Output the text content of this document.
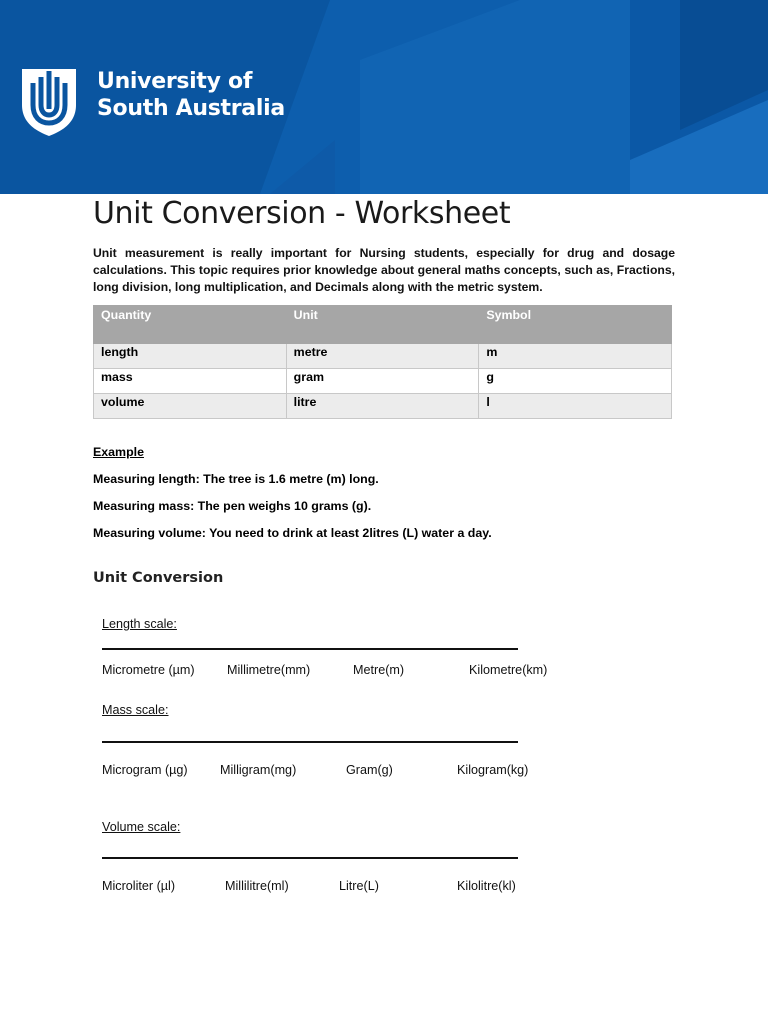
University of
South Australia
Unit Conversion - Worksheet
Unit measurement is really important for Nursing students, especially for drug and dosage
calculations. This topic requires prior knowledge about general maths concepts, such as, Fractions,
long division, long multiplication, and Decimals along with the metric system.
Quantity	Unit	Symbol
length	metre	m
mass	gram	g
volume	litre	l
Example
Measuring length: The tree is 1.6 metre (m) long.
Measuring mass: The pen weighs 10 grams (g).
Measuring volume: You need to drink at least 2litres (L) water a day.
Unit Conversion
Length scale:
Micrometre (µm)	Millimetre(mm)	Metre(m)	Kilometre(km)
Mass scale:
Microgram (µg)	Milligram(mg)	Gram(g)	Kilogram(kg)
Volume scale:
Microliter (µl)	Millilitre(ml)	Litre(L)	Kilolitre(kl)
